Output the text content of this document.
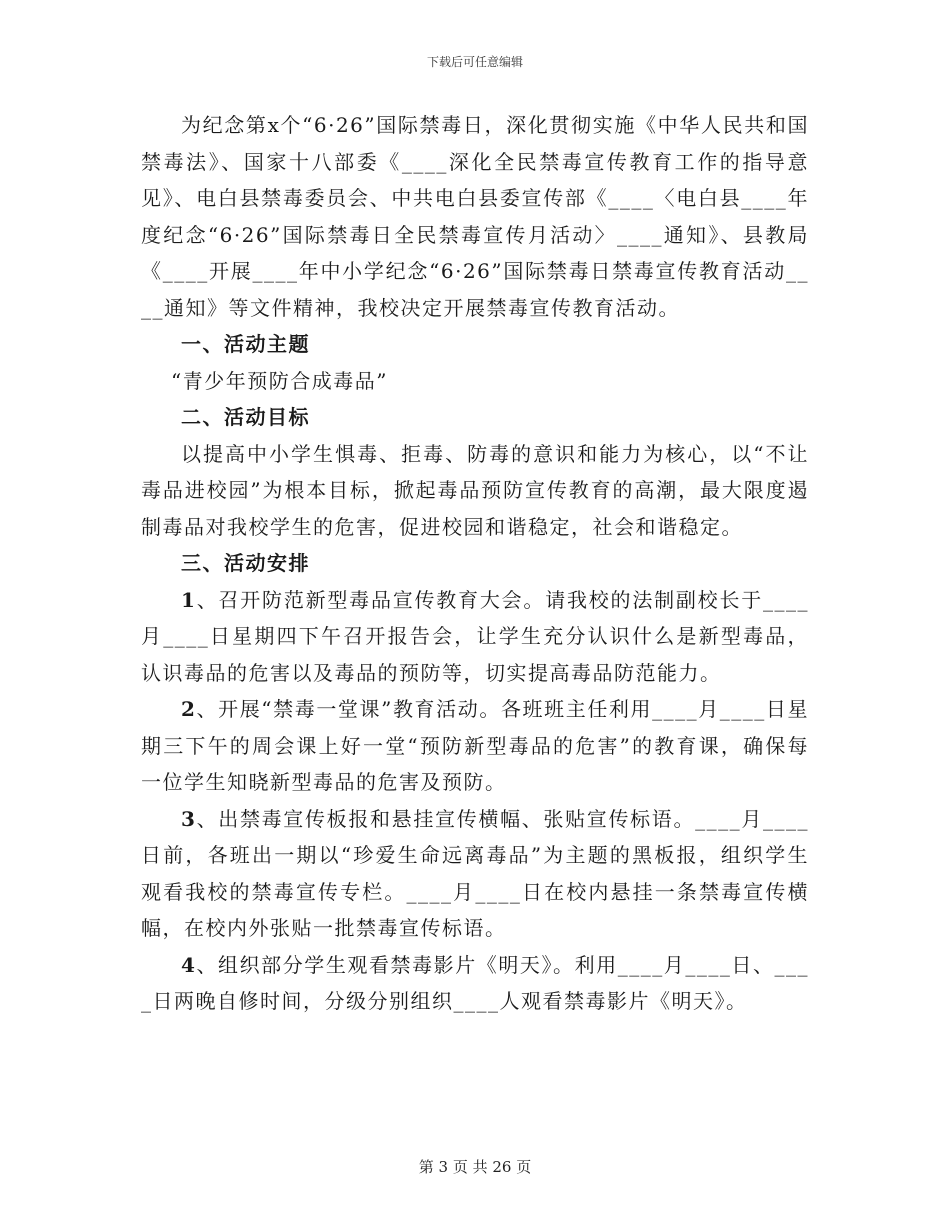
下载后可任意编辑

为纪念第x个“6·26”国际禁毒日，深化贯彻实施《中华人民共和国禁毒法》、国家十八部委《____深化全民禁毒宣传教育工作的指导意见》、电白县禁毒委员会、中共电白县委宣传部《____〈电白县____年度纪念“6·26”国际禁毒日全民禁毒宣传月活动〉____通知》、县教局《____开展____年中小学纪念“6·26”国际禁毒日禁毒宣传教育活动____通知》等文件精神，我校决定开展禁毒宣传教育活动。

一、活动主题

“青少年预防合成毒品”

二、活动目标

以提高中小学生惧毒、拒毒、防毒的意识和能力为核心，以“不让毒品进校园”为根本目标，掀起毒品预防宣传教育的高潮，最大限度遏制毒品对我校学生的危害，促进校园和谐稳定，社会和谐稳定。

三、活动安排

1、召开防范新型毒品宣传教育大会。请我校的法制副校长于____月____日星期四下午召开报告会，让学生充分认识什么是新型毒品，认识毒品的危害以及毒品的预防等，切实提高毒品防范能力。

2、开展“禁毒一堂课”教育活动。各班班主任利用____月____日星期三下午的周会课上好一堂“预防新型毒品的危害”的教育课，确保每一位学生知晓新型毒品的危害及预防。

3、出禁毒宣传板报和悬挂宣传横幅、张贴宣传标语。____月____日前，各班出一期以“珍爱生命远离毒品”为主题的黑板报，组织学生观看我校的禁毒宣传专栏。____月____日在校内悬挂一条禁毒宣传横幅，在校内外张贴一批禁毒宣传标语。

4、组织部分学生观看禁毒影片《明天》。利用____月____日、____日两晚自修时间，分级分别组织____人观看禁毒影片《明天》。

第 3 页 共 26 页
